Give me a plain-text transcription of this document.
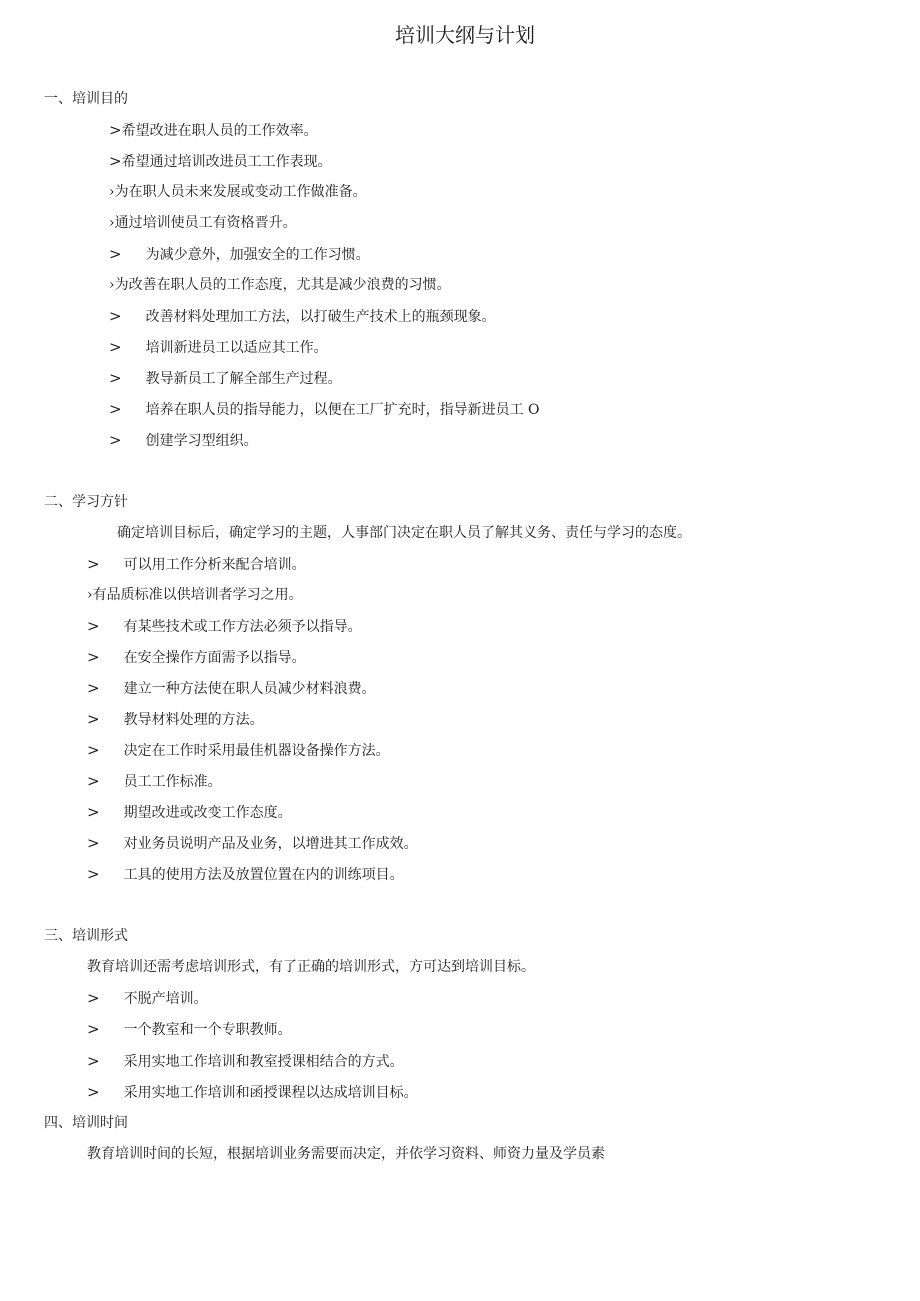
培训大纲与计划
一、培训目的
>希望改进在职人员的工作效率。
>希望通过培训改进员工工作表现。
›为在职人员未来发展或变动工作做准备。
›通过培训使员工有资格晋升。
> 为减少意外，加强安全的工作习惯。
›为改善在职人员的工作态度，尤其是减少浪费的习惯。
> 改善材料处理加工方法，以打破生产技术上的瓶颈现象。
> 培训新进员工以适应其工作。
> 教导新员工了解全部生产过程。
> 培养在职人员的指导能力，以便在工厂扩充时，指导新进员工 O
> 创建学习型组织。
二、学习方针
确定培训目标后，确定学习的主题，人事部门决定在职人员了解其义务、责任与学习的态度。
> 可以用工作分析来配合培训。
›有品质标准以供培训者学习之用。
> 有某些技术或工作方法必须予以指导。
> 在安全操作方面需予以指导。
> 建立一种方法使在职人员减少材料浪费。
> 教导材料处理的方法。
> 决定在工作时采用最佳机器设备操作方法。
> 员工工作标准。
> 期望改进或改变工作态度。
> 对业务员说明产品及业务，以增进其工作成效。
> 工具的使用方法及放置位置在内的训练项目。
三、培训形式
教育培训还需考虑培训形式，有了正确的培训形式，方可达到培训目标。
> 不脱产培训。
> 一个教室和一个专职教师。
> 采用实地工作培训和教室授课相结合的方式。
> 采用实地工作培训和函授课程以达成培训目标。
四、培训时间
教育培训时间的长短，根据培训业务需要而决定，并依学习资料、师资力量及学员素
